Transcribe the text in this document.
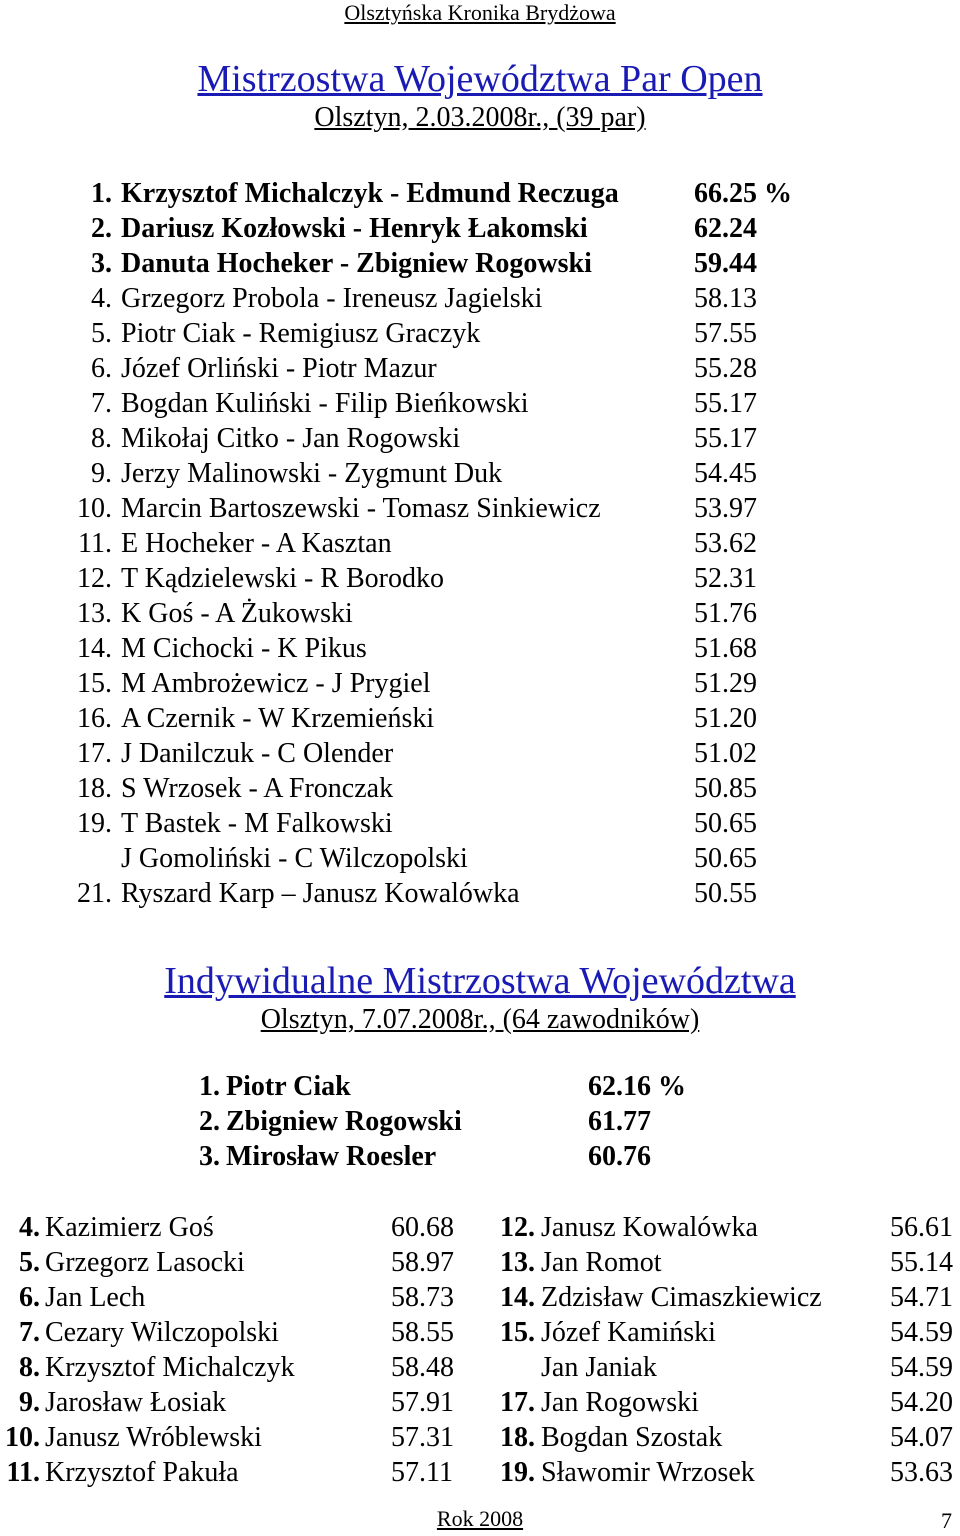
Olsztyńska Kronika Brydżowa
Mistrzostwa Województwa Par Open
Olsztyn, 2.03.2008r., (39 par)
1. Krzysztof Michalczyk - Edmund Reczuga	66.25 %
2. Dariusz Kozłowski - Henryk Łakomski	62.24
3. Danuta Hocheker - Zbigniew Rogowski	59.44
4. Grzegorz Probola - Ireneusz Jagielski	58.13
5. Piotr Ciak - Remigiusz Graczyk	57.55
6. Józef Orliński - Piotr Mazur	55.28
7. Bogdan Kuliński - Filip Bieńkowski	55.17
8. Mikołaj Citko - Jan Rogowski	55.17
9. Jerzy Malinowski - Zygmunt Duk	54.45
10. Marcin Bartoszewski - Tomasz Sinkiewicz	53.97
11. E Hocheker - A Kasztan	53.62
12. T Kądzielewski - R Borodko	52.31
13. K Goś - A Żukowski	51.76
14. M Cichocki - K Pikus	51.68
15. M Ambrożewicz - J Prygiel	51.29
16. A Czernik - W Krzemieński	51.20
17. J Danilczuk - C Olender	51.02
18. S Wrzosek - A Fronczak	50.85
19. T Bastek - M Falkowski	50.65
J Gomoliński - C Wilczopolski	50.65
21. Ryszard Karp – Janusz Kowalówka	50.55
Indywidualne Mistrzostwa Województwa
Olsztyn, 7.07.2008r., (64 zawodników)
1. Piotr Ciak	62.16 %
2. Zbigniew Rogowski	61.77
3. Mirosław Roesler	60.76
4. Kazimierz Goś	60.68
5. Grzegorz Lasocki	58.97
6. Jan Lech	58.73
7. Cezary Wilczopolski	58.55
8. Krzysztof Michalczyk	58.48
9. Jarosław Łosiak	57.91
10. Janusz Wróblewski	57.31
11. Krzysztof Pakuła	57.11
12. Janusz Kowalówka	56.61
13. Jan Romot	55.14
14. Zdzisław Cimaszkiewicz 54.71
15. Józef Kamiński	54.59
Jan Janiak	54.59
17. Jan Rogowski	54.20
18. Bogdan Szostak	54.07
19. Sławomir Wrzosek	53.63
Rok 2008	7
